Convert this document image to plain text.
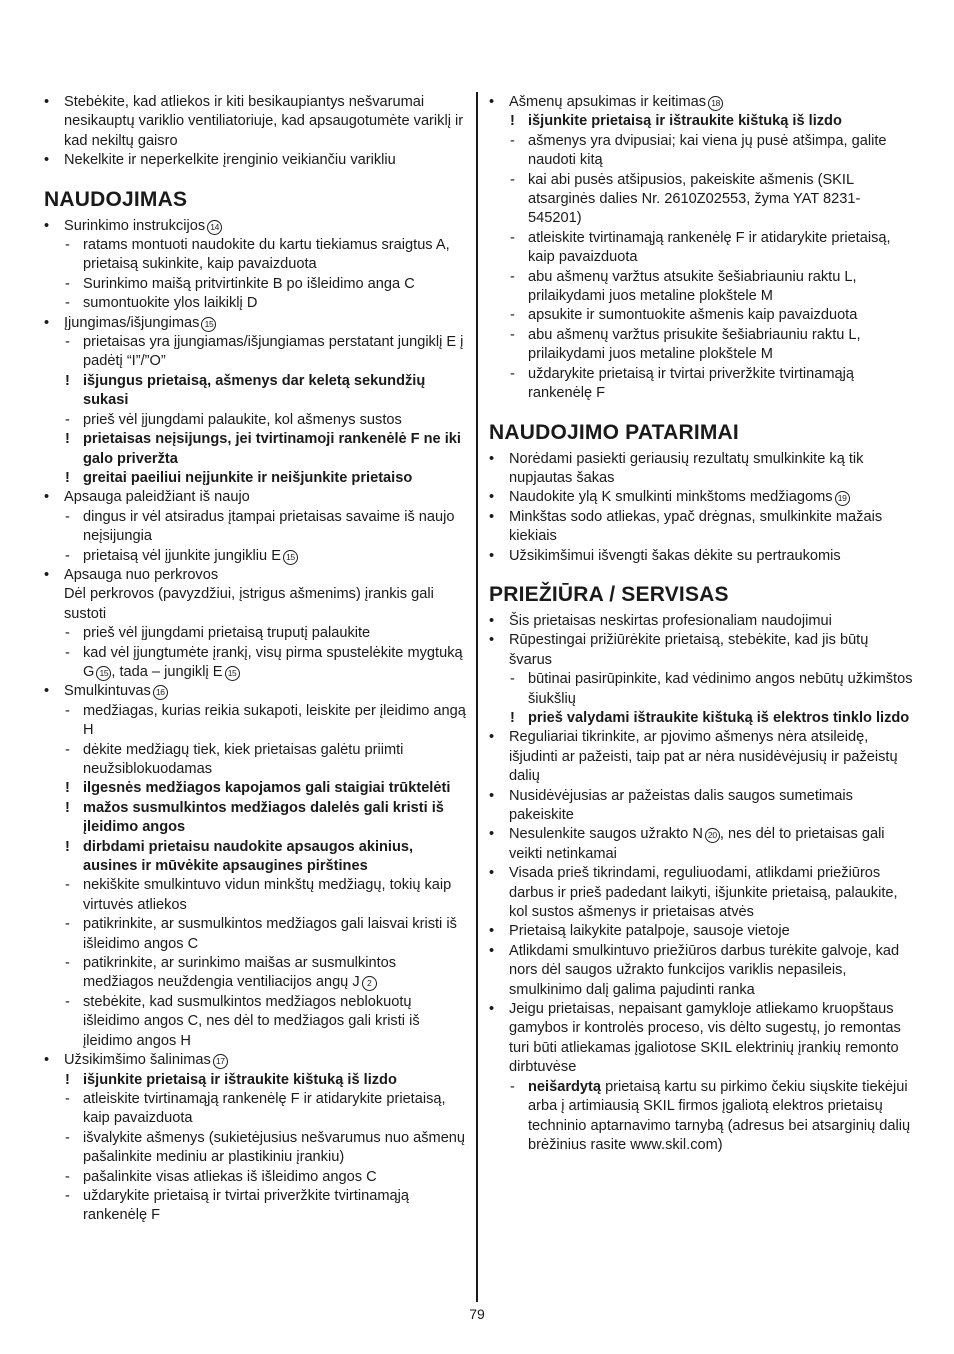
• Stebėkite, kad atliekos ir kiti besikaupiantys nešvarumai nesikauptų variklio ventiliatoriuje, kad apsaugotumėte variklį ir kad nekiltų gaisro
• Nekelkite ir neperkelkite įrenginio veikiančiu varikliu
NAUDOJIMAS
• Surinkimo instrukcijos 14
- ratams montuoti naudokite du kartu tiekiamus sraigtus A, prietaisą sukinkite, kaip pavaizduota
- Surinkimo maišą pritvirtinkite B po išleidimo anga C
- sumontuokite ylos laikiklį D
• Įjungimas/išjungimas 15
- prietaisas yra įjungiamas/išjungiamas perstatant jungiklį E į padėtį “I”/”O”
! išjungus prietaisą, ašmenys dar keletą sekundžių sukasi
- prieš vėl įjungdami palaukite, kol ašmenys sustos
! prietaisas neįsijungs, jei tvirtinamoji rankenėlė F ne iki galo priveržta
! greitai paeiliui neįjunkite ir neišjunkite prietaiso
• Apsauga paleidžiant iš naujo
- dingus ir vėl atsiradus įtampai prietaisas savaime iš naujo neįsijungia
- prietaisą vėl įjunkite jungikliu E 15
• Apsauga nuo perkrovos
Dėl perkrovos (pavyzdžiui, įstrigus ašmenims) įrankis gali sustoti
- prieš vėl įjungdami prietaisą truputį palaukite
- kad vėl įjungtumėte įrankį, visų pirma spustelėkite mygtuką G 15 , tada – jungiklį E 15
• Smulkintuvas 16
- medžiagas, kurias reikia sukapoti, leiskite per įleidimo angą H
- dėkite medžiagų tiek, kiek prietaisas galėtu priimti neužsiblokuodamas
! ilgesnės medžiagos kapojamos gali staigiai trūktelėti
! mažos susmulkintos medžiagos dalelės gali kristi iš įleidimo angos
! dirbdami prietaisu naudokite apsaugos akinius, ausines ir mūvėkite apsaugines pirštines
- nekiškite smulkintuvo vidun minkštų medžiagų, tokių kaip virtuvės atliekos
- patikrinkite, ar susmulkintos medžiagos gali laisvai kristi iš išleidimo angos C
- patikrinkite, ar surinkimo maišas ar susmulkintos medžiagos neuždengia ventiliacijos angų J 2
- stebėkite, kad susmulkintos medžiagos neblokuotų išleidimo angos C, nes dėl to medžiagos gali kristi iš įleidimo angos H
• Užsikimšimo šalinimas 17
! išjunkite prietaisą ir ištraukite kištuką iš lizdo
- atleiskite tvirtinamąją rankenėlę F ir atidarykite prietaisą, kaip pavaizduota
- išvalykite ašmenys (sukietėjusius nešvarumus nuo ašmenų pašalinkite mediniu ar plastikiniu įrankiu)
- pašalinkite visas atliekas iš išleidimo angos C
- uždarykite prietaisą ir tvirtai priveržkite tvirtinamąją rankenėlę F
• Ašmenų apsukimas ir keitimas 18
! išjunkite prietaisą ir ištraukite kištuką iš lizdo
- ašmenys yra dvipusiai; kai viena jų pusė atšimpa, galite naudoti kitą
- kai abi pusės atšipusios, pakeiskite ašmenis (SKIL atsarginės dalies Nr. 2610Z02553, žyma YAT 8231-545201)
- atleiskite tvirtinamąją rankenėlę F ir atidarykite prietaisą, kaip pavaizduota
- abu ašmenų varžtus atsukite šešiabriauniu raktu L, prilaikydami juos metaline plokštele M
- apsukite ir sumontuokite ašmenis kaip pavaizduota
- abu ašmenų varžtus prisukite šešiabriauniu raktu L, prilaikydami juos metaline plokštele M
- uždarykite prietaisą ir tvirtai priveržkite tvirtinamąją rankenėlę F
NAUDOJIMO PATARIMAI
• Norėdami pasiekti geriausių rezultatų smulkinkite ką tik nupjautas šakas
• Naudokite ylą K smulkinti minkštoms medžiagoms 19
• Minkštas sodo atliekas, ypač drėgnas, smulkinkite mažais kiekiais
• Užsikimšimui išvengti šakas dėkite su pertraukomis
PRIEŽIŪRA / SERVISAS
• Šis prietaisas neskirtas profesionaliam naudojimui
• Rūpestingai prižiūrėkite prietaisą, stebėkite, kad jis būtų švarus
- būtinai pasirūpinkite, kad vėdinimo angos nebūtų užkimštos šiukšlių
! prieš valydami ištraukite kištuką iš elektros tinklo lizdo
• Reguliariai tikrinkite, ar pjovimo ašmenys nėra atsileidę, išjudinti ar pažeisti, taip pat ar nėra nusidėvėjusių ir pažeistų dalių
• Nusidėvėjusias ar pažeistas dalis saugos sumetimais pakeiskite
• Nesulenkite saugos užrakto N 20 , nes dėl to prietaisas gali veikti netinkamai
• Visada prieš tikrindami, reguliuodami, atlikdami priežiūros darbus ir prieš padedant laikyti, išjunkite prietaisą, palaukite, kol sustos ašmenys ir prietaisas atvės
• Prietaisą laikykite patalpoje, sausoje vietoje
• Atlikdami smulkintuvo priežiūros darbus turėkite galvoje, kad nors dėl saugos užrakto funkcijos variklis nepasileis, smulkinimo dalį galima pajudinti ranka
• Jeigu prietaisas, nepaisant gamykloje atliekamo kruopštaus gamybos ir kontrolės proceso, vis dėlto sugestų, jo remontas turi būti atliekamas įgaliotose SKIL elektrinių įrankių remonto dirbtuvėse
- neišardytą prietaisą kartu su pirkimo čekiu siųskite tiekėjui arba į artimiausią SKIL firmos įgaliotą elektros prietaisų techninio aptarnavimo tarnybą (adresus bei atsarginių dalių brėžinius rasite www.skil.com)
79
